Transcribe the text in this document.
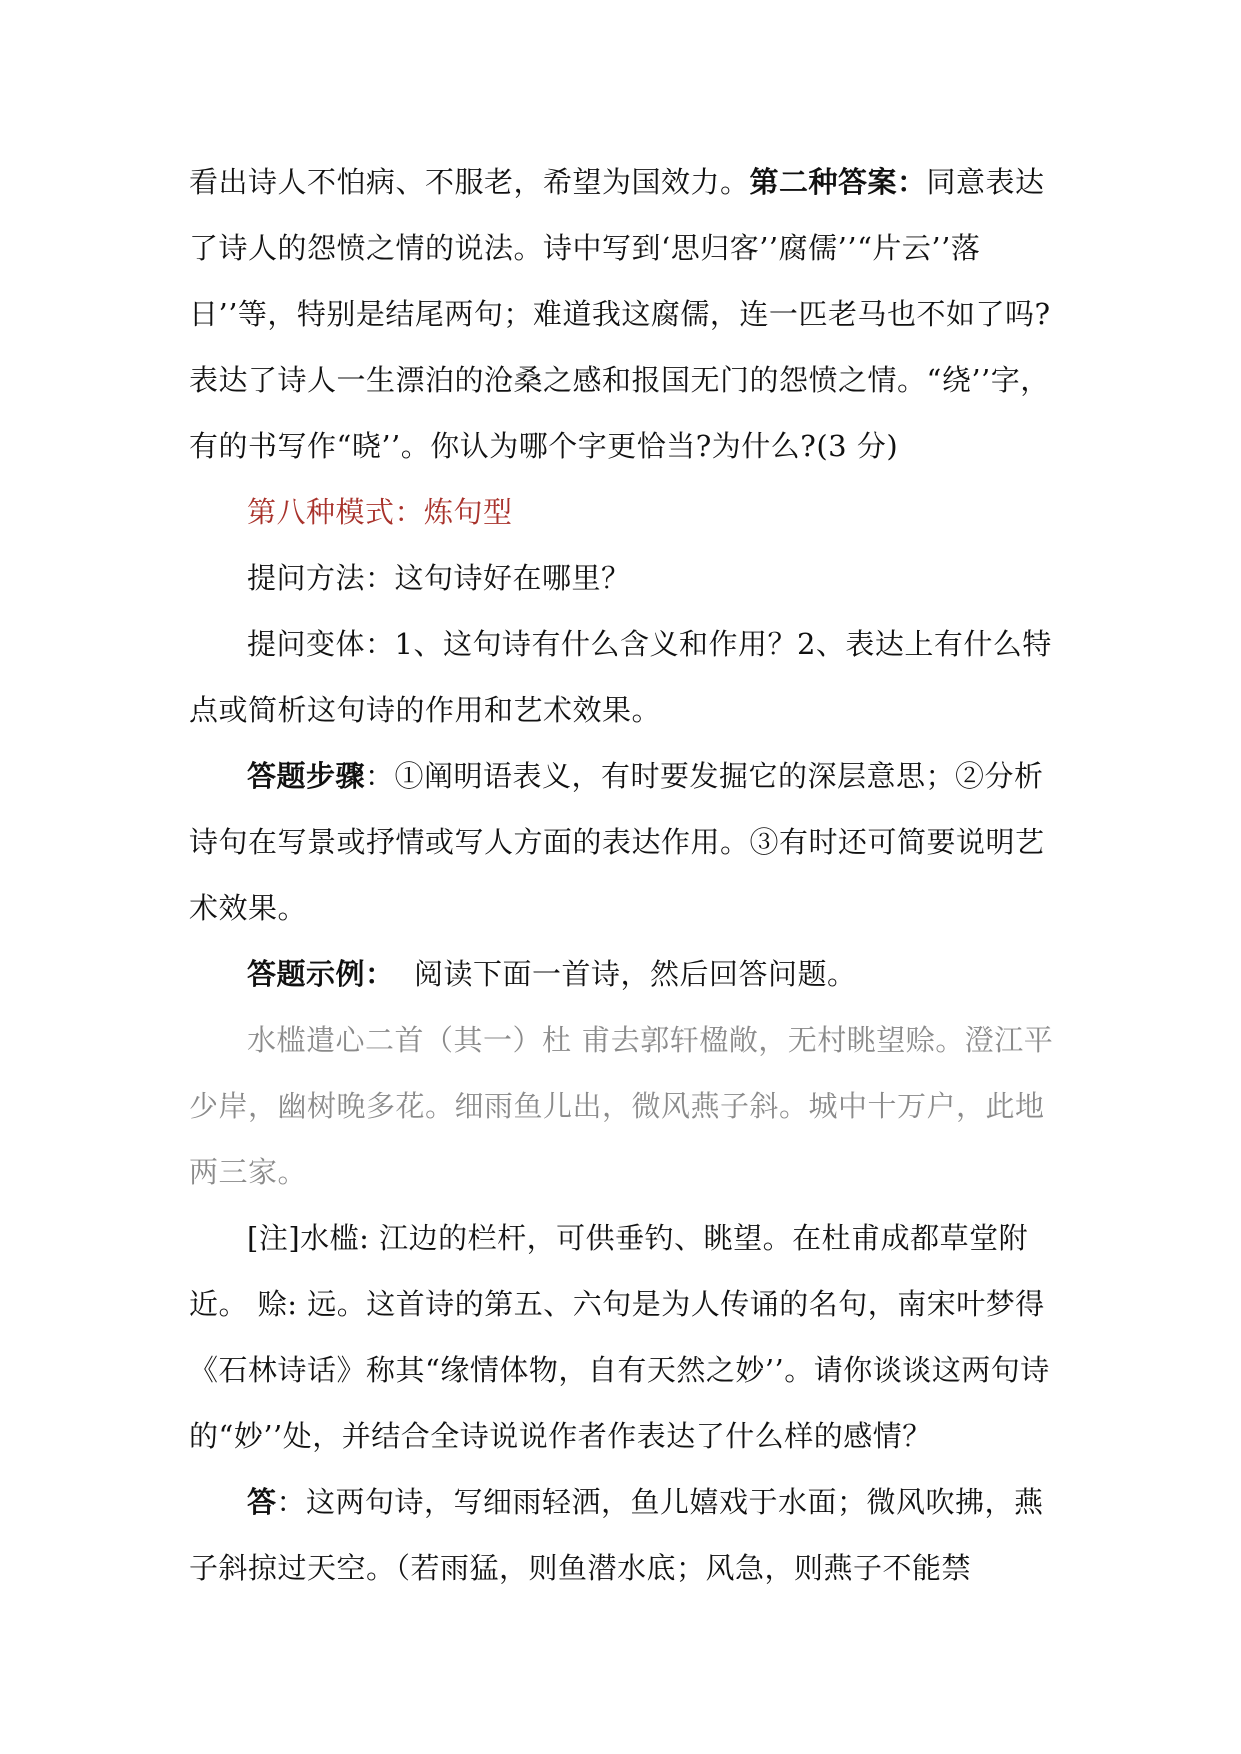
看出诗人不怕病、不服老，希望为国效力。第二种答案：同意表达了诗人的怨愤之情的说法。诗中写到‘思归客’’腐儒’’“片云’’落日’’等，特别是结尾两句；难道我这腐儒，连一匹老马也不如了吗?表达了诗人一生漂泊的沧桑之感和报国无门的怨愤之情。“绕’’字，有的书写作“晓’’。你认为哪个字更恰当?为什么?(3 分)

第八种模式：炼句型

提问方法：这句诗好在哪里？

提问变体：1、这句诗有什么含义和作用？2、表达上有什么特点或简析这句诗的作用和艺术效果。

答题步骤：①阐明语表义，有时要发掘它的深层意思；②分析诗句在写景或抒情或写人方面的表达作用。③有时还可简要说明艺术效果。

答题示例：  阅读下面一首诗，然后回答问题。

水槛遣心二首（其一）杜 甫去郭轩楹敞，无村眺望赊。澄江平少岸，幽树晚多花。细雨鱼儿出，微风燕子斜。城中十万户，此地两三家。

[注]水槛: 江边的栏杆，可供垂钓、眺望。在杜甫成都草堂附近。 赊: 远。这首诗的第五、六句是为人传诵的名句，南宋叶梦得《石林诗话》称其“缘情体物，自有天然之妙’’。请你谈谈这两句诗的“妙’’处，并结合全诗说说作者作表达了什么样的感情？

答：这两句诗，写细雨轻洒，鱼儿嬉戏于水面；微风吹拂，燕子斜掠过天空。（若雨猛，则鱼潜水底；风急，则燕子不能禁
